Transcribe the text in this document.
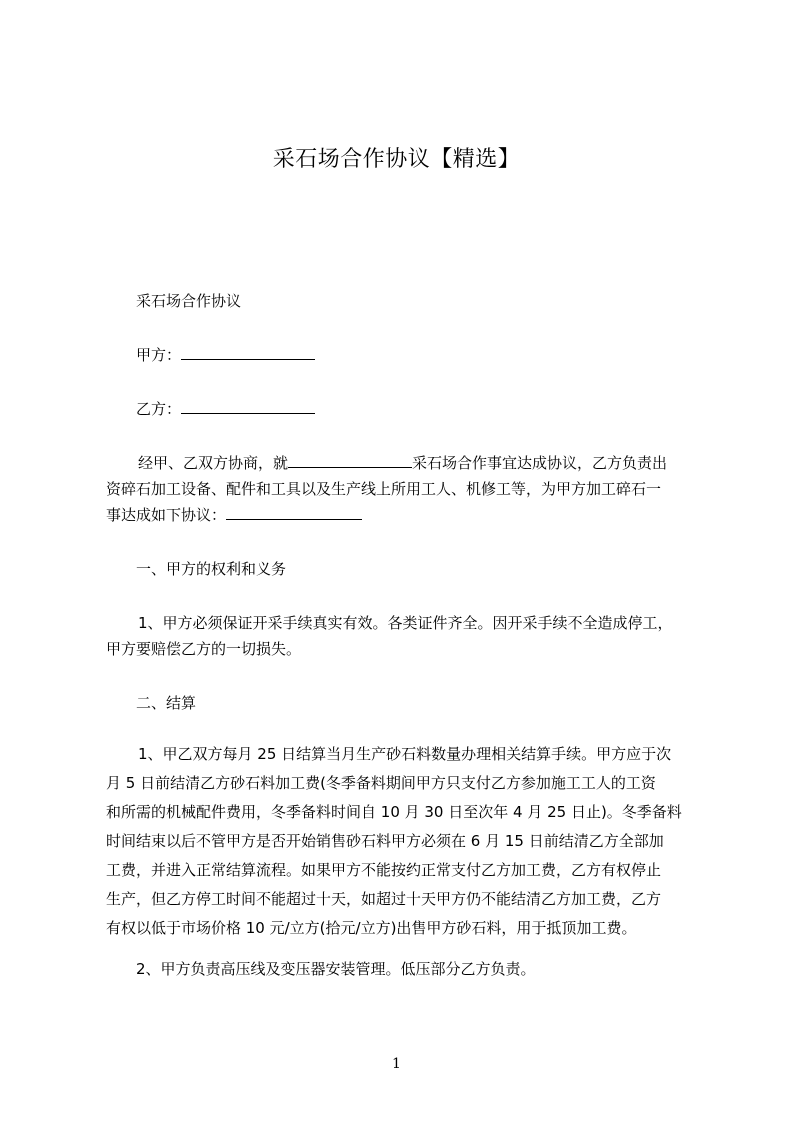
采石场合作协议【精选】

采石场合作协议

甲方：

乙方：

经甲、乙双方协商，就	采石场合作事宜达成协议，乙方负责出
资碎石加工设备、配件和工具以及生产线上所用工人、机修工等，为甲方加工碎石一
事达成如下协议：

一、甲方的权利和义务

1、甲方必须保证开采手续真实有效。各类证件齐全。因开采手续不全造成停工，
甲方要赔偿乙方的一切损失。

二、结算

1、甲乙双方每月 25 日结算当月生产砂石料数量办理相关结算手续。甲方应于次
月 5 日前结清乙方砂石料加工费(冬季备料期间甲方只支付乙方参加施工工人的工资
和所需的机械配件费用，冬季备料时间自 10 月 30 日至次年 4 月 25 日止)。冬季备料
时间结束以后不管甲方是否开始销售砂石料甲方必须在 6 月 15 日前结清乙方全部加
工费，并进入正常结算流程。如果甲方不能按约正常支付乙方加工费，乙方有权停止
生产，但乙方停工时间不能超过十天，如超过十天甲方仍不能结清乙方加工费，乙方
有权以低于市场价格 10 元/立方(拾元/立方)出售甲方砂石料，用于抵顶加工费。

2、甲方负责高压线及变压器安装管理。低压部分乙方负责。

1
